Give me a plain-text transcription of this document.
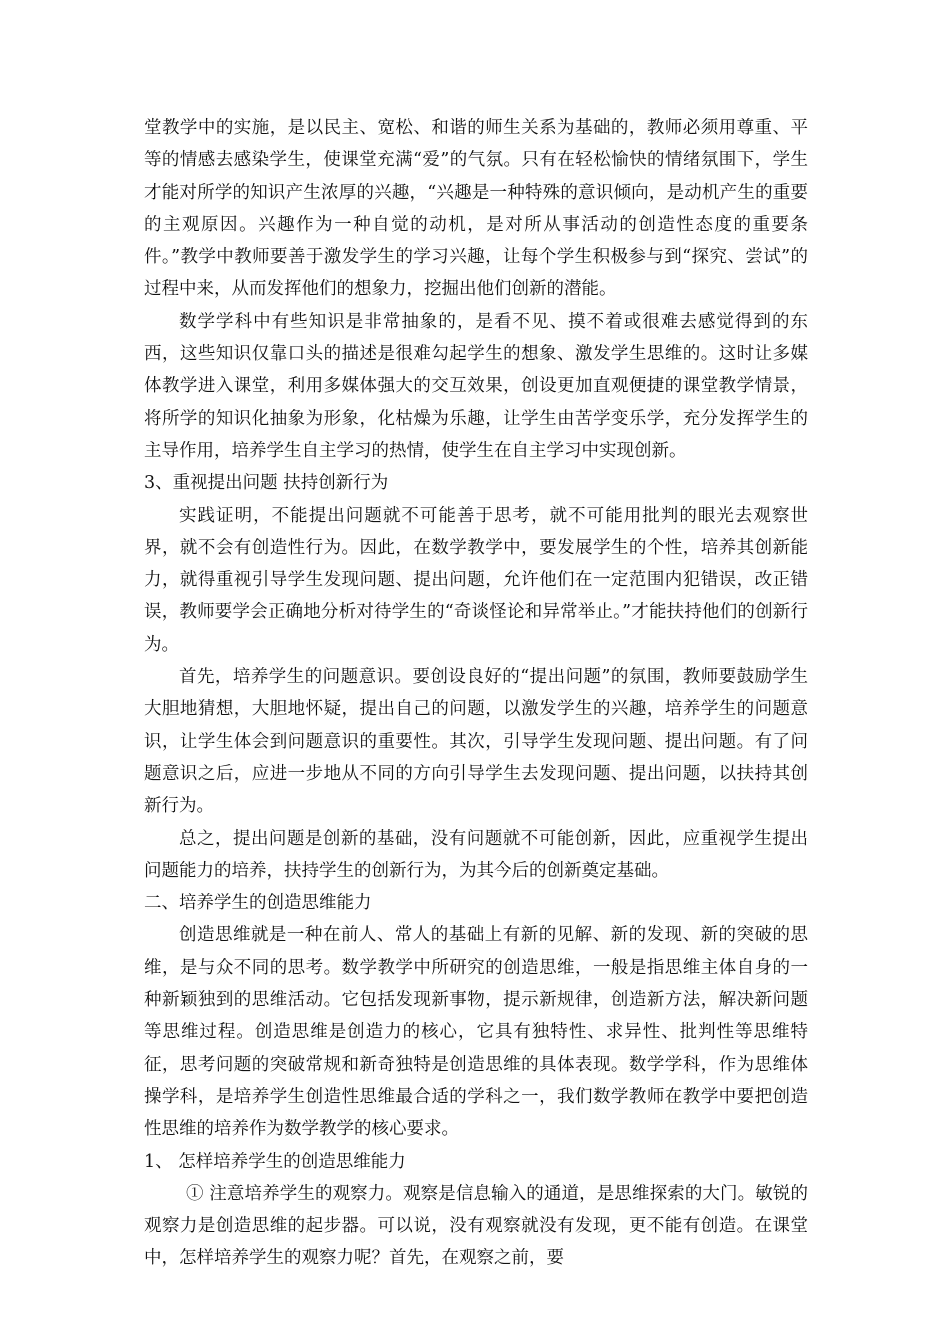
堂教学中的实施，是以民主、宽松、和谐的师生关系为基础的，教师必须用尊重、平等的情感去感染学生，使课堂充满“爱”的气氛。只有在轻松愉快的情绪氛围下，学生才能对所学的知识产生浓厚的兴趣，“兴趣是一种特殊的意识倾向，是动机产生的重要的主观原因。兴趣作为一种自觉的动机，是对所从事活动的创造性态度的重要条件。”教学中教师要善于激发学生的学习兴趣，让每个学生积极参与到“探究、尝试”的过程中来，从而发挥他们的想象力，挖掘出他们创新的潜能。

数学学科中有些知识是非常抽象的，是看不见、摸不着或很难去感觉得到的东西，这些知识仅靠口头的描述是很难勾起学生的想象、激发学生思维的。这时让多媒体教学进入课堂，利用多媒体强大的交互效果，创设更加直观便捷的课堂教学情景，将所学的知识化抽象为形象，化枯燥为乐趣，让学生由苦学变乐学，充分发挥学生的主导作用，培养学生自主学习的热情，使学生在自主学习中实现创新。

3、重视提出问题 扶持创新行为

实践证明，不能提出问题就不可能善于思考，就不可能用批判的眼光去观察世界，就不会有创造性行为。因此，在数学教学中，要发展学生的个性，培养其创新能力，就得重视引导学生发现问题、提出问题，允许他们在一定范围内犯错误，改正错误，教师要学会正确地分析对待学生的“奇谈怪论和异常举止。”才能扶持他们的创新行为。

首先，培养学生的问题意识。要创设良好的“提出问题”的氛围，教师要鼓励学生大胆地猜想，大胆地怀疑，提出自己的问题，以激发学生的兴趣，培养学生的问题意识，让学生体会到问题意识的重要性。其次，引导学生发现问题、提出问题。有了问题意识之后，应进一步地从不同的方向引导学生去发现问题、提出问题，以扶持其创新行为。

总之，提出问题是创新的基础，没有问题就不可能创新，因此，应重视学生提出问题能力的培养，扶持学生的创新行为，为其今后的创新奠定基础。

二、培养学生的创造思维能力

创造思维就是一种在前人、常人的基础上有新的见解、新的发现、新的突破的思维，是与众不同的思考。数学教学中所研究的创造思维，一般是指思维主体自身的一种新颖独到的思维活动。它包括发现新事物，提示新规律，创造新方法，解决新问题等思维过程。创造思维是创造力的核心，它具有独特性、求异性、批判性等思维特征，思考问题的突破常规和新奇独特是创造思维的具体表现。数学学科，作为思维体操学科，是培养学生创造性思维最合适的学科之一，我们数学教师在教学中要把创造性思维的培养作为数学教学的核心要求。

1、 怎样培养学生的创造思维能力

① 注意培养学生的观察力。观察是信息输入的通道，是思维探索的大门。敏锐的观察力是创造思维的起步器。可以说，没有观察就没有发现，更不能有创造。在课堂中，怎样培养学生的观察力呢？首先，在观察之前，要
